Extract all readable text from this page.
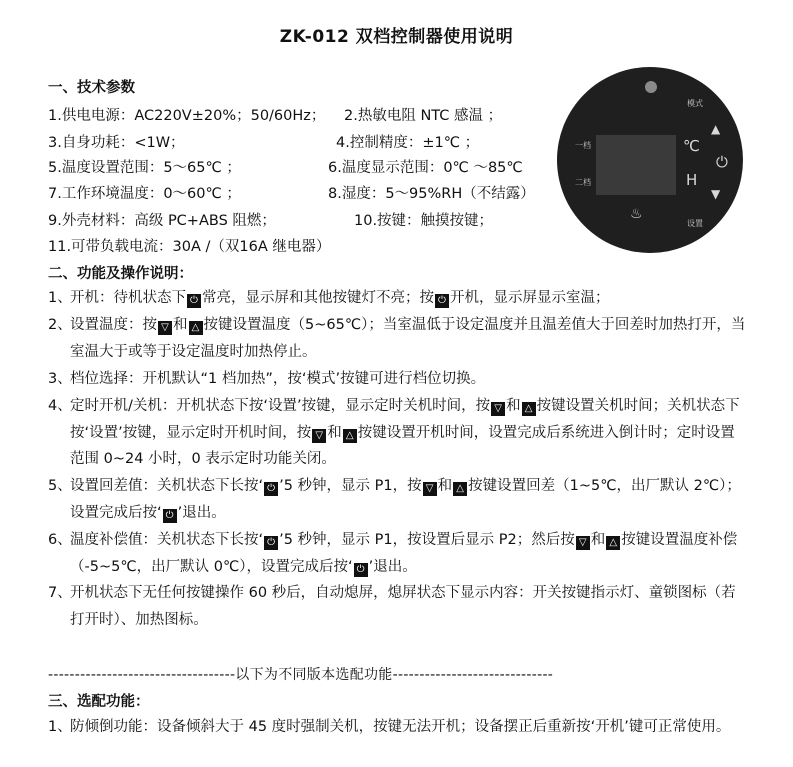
ZK-012 双档控制器使用说明
一、技术参数
1.供电电源：AC220V±20%；50/60Hz； 2.热敏电阻 NTC 感温 ；
3.自身功耗：<1W；	4.控制精度：±1℃ ；
5.温度设置范围：5～65℃ ；	6.温度显示范围：0℃ ～85℃
7.工作环境温度：0～60℃ ；	8.湿度：5～95%RH（不结露）
9.外壳材料：高级 PC+ABS 阻燃；	10.按键：触摸按键；
11.可带负载电流：30A /（双16A 继电器）
二、功能及操作说明：
1、
开机：待机状态下 ⏻ 常亮，显示屏和其他按键灯不亮；按 ⏻ 开机，显示屏显示室温；
2、
设置温度：按 ▽ 和 △ 按键设置温度（5~65℃）；当室温低于设定温度并且温差值大于回差时加热打开，当室温大于或等于设定温度时加热停止。
3、
档位选择：开机默认“1 档加热”，按‘模式’按键可进行档位切换。
4、
定时开机/关机：开机状态下按‘设置’按键，显示定时关机时间，按 ▽ 和 △ 按键设置关机时间；关机状态下按‘设置’按键，显示定时开机时间，按 ▽ 和 △ 按键设置开机时间，设置完成后系统进入倒计时；定时设置范围 0~24 小时，0 表示定时功能关闭。
5、
设置回差值：关机状态下长按‘ ⏻ ’5 秒钟，显示 P1，按 ▽ 和 △ 按键设置回差（1~5℃，出厂默认 2℃）；设置完成后按‘ ⏻ ’退出。
6、
温度补偿值：关机状态下长按‘ ⏻ ’5 秒钟，显示 P1，按设置后显示 P2；然后按 ▽ 和 △ 按键设置温度补偿（-5~5℃，出厂默认 0℃），设置完成后按‘ ⏻ ’退出。
7、
开机状态下无任何按键操作 60 秒后，自动熄屏，熄屏状态下显示内容：开关按键指示灯、童锁图标（若打开时）、加热图标。
-----------------------------------以下为不同版本选配功能------------------------------
三、选配功能：
1、
防倾倒功能：设备倾斜大于 45 度时强制关机，按键无法开机；设备摆正后重新按‘开机’键可正常使用。
模式
一档
二档
℃
H
设置
▲
▼
⏻
♨
